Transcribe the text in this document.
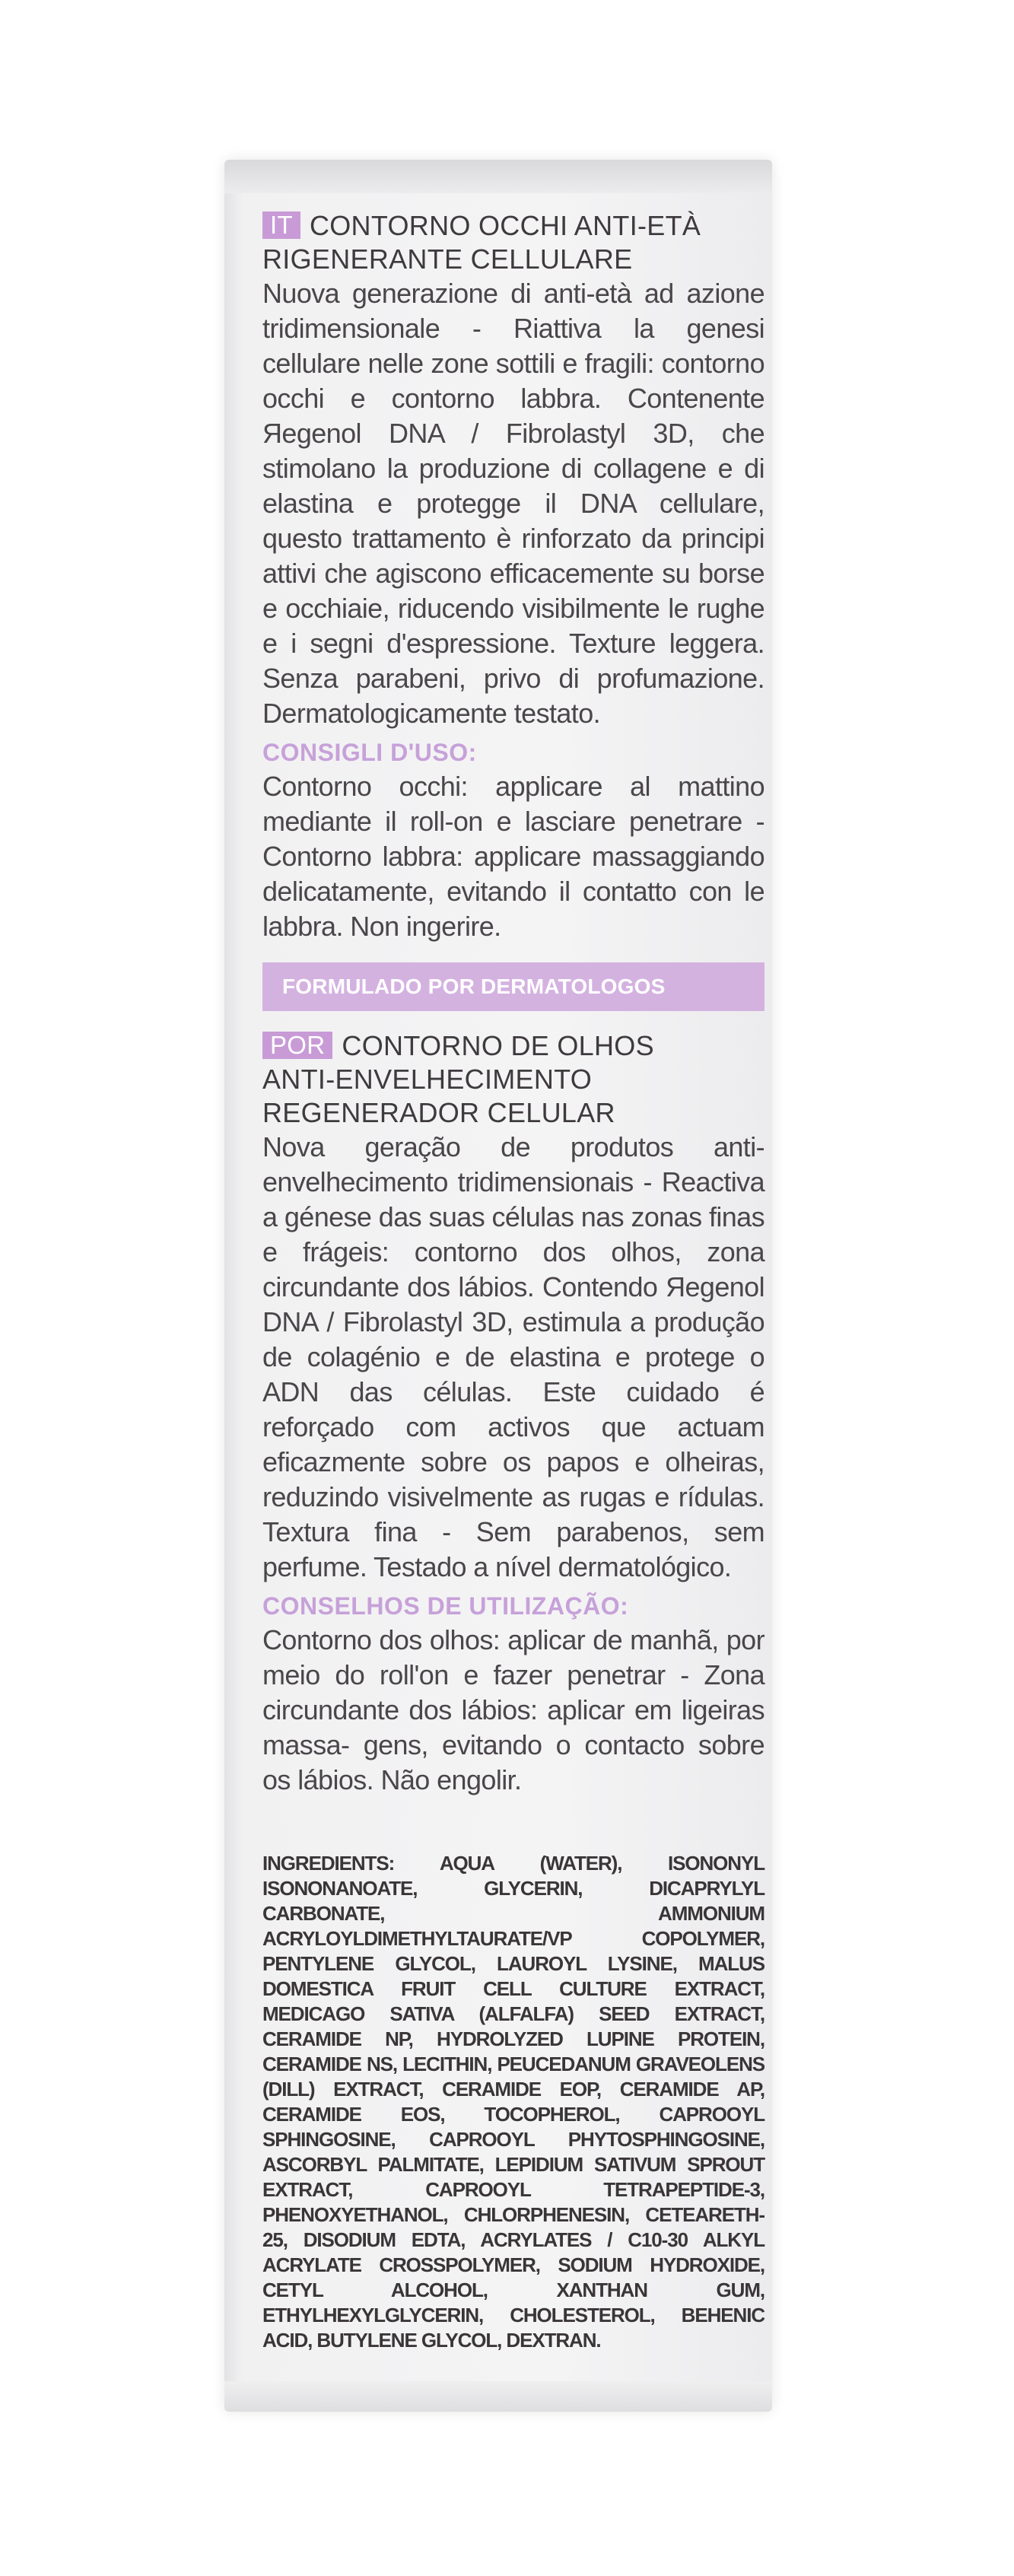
IT CONTORNO OCCHI ANTI-ETÀ
RIGENERANTE CELLULARE

Nuova generazione di anti-età ad azione tridimensionale - Riattiva la genesi cellulare nelle zone sottili e fragili: contorno occhi e contorno labbra. Contenente Яegenol DNA / Fibrolastyl 3D, che stimolano la produzione di collagene e di elastina e protegge il DNA cellulare, questo trattamento è rinforzato da principi attivi che agiscono efficacemente su borse e occhiaie, riducendo visibilmente le rughe e i segni d'espressione. Texture leggera. Senza parabeni, privo di profumazione. Dermatologicamente testato.

CONSIGLI D'USO:

Contorno occhi: applicare al mattino mediante il roll-on e lasciare penetrare - Contorno labbra: applicare massaggiando delicatamente, evitando il contatto con le labbra. Non ingerire.

FORMULADO POR DERMATOLOGOS

POR CONTORNO DE OLHOS
ANTI-ENVELHECIMENTO
REGENERADOR CELULAR

Nova geração de produtos anti-envelhecimento tridimensionais - Reactiva a génese das suas células nas zonas finas e frágeis: contorno dos olhos, zona circundante dos lábios. Contendo Яegenol DNA / Fibrolastyl 3D, estimula a produção de colagénio e de elastina e protege o ADN das células. Este cuidado é reforçado com activos que actuam eficazmente sobre os papos e olheiras, reduzindo visivelmente as rugas e rídulas. Textura fina - Sem parabenos, sem perfume. Testado a nível dermatológico.

CONSELHOS DE UTILIZAÇÃO:

Contorno dos olhos: aplicar de manhã, por meio do roll'on e fazer penetrar - Zona circundante dos lábios: aplicar em ligeiras massa- gens, evitando o contacto sobre os lábios. Não engolir.

INGREDIENTS: AQUA (WATER), ISONONYL ISONONANOATE, GLYCERIN, DICAPRYLYL CARBONATE, AMMONIUM ACRYLOYLDIMETHYLTAURATE/VP COPOLYMER, PENTYLENE GLYCOL, LAUROYL LYSINE, MALUS DOMESTICA FRUIT CELL CULTURE EXTRACT, MEDICAGO SATIVA (ALFALFA) SEED EXTRACT, CERAMIDE NP, HYDROLYZED LUPINE PROTEIN, CERAMIDE NS, LECITHIN, PEUCEDANUM GRAVEOLENS (DILL) EXTRACT, CERAMIDE EOP, CERAMIDE AP, CERAMIDE EOS, TOCOPHEROL, CAPROOYL SPHINGOSINE, CAPROOYL PHYTOSPHINGOSINE, ASCORBYL PALMITATE, LEPIDIUM SATIVUM SPROUT EXTRACT, CAPROOYL TETRAPEPTIDE-3, PHENOXYETHANOL, CHLORPHENESIN, CETEARETH-25, DISODIUM EDTA, ACRYLATES / C10-30 ALKYL ACRYLATE CROSSPOLYMER, SODIUM HYDROXIDE, CETYL ALCOHOL, XANTHAN GUM, ETHYLHEXYLGLYCERIN, CHOLESTEROL, BEHENIC ACID, BUTYLENE GLYCOL, DEXTRAN.
